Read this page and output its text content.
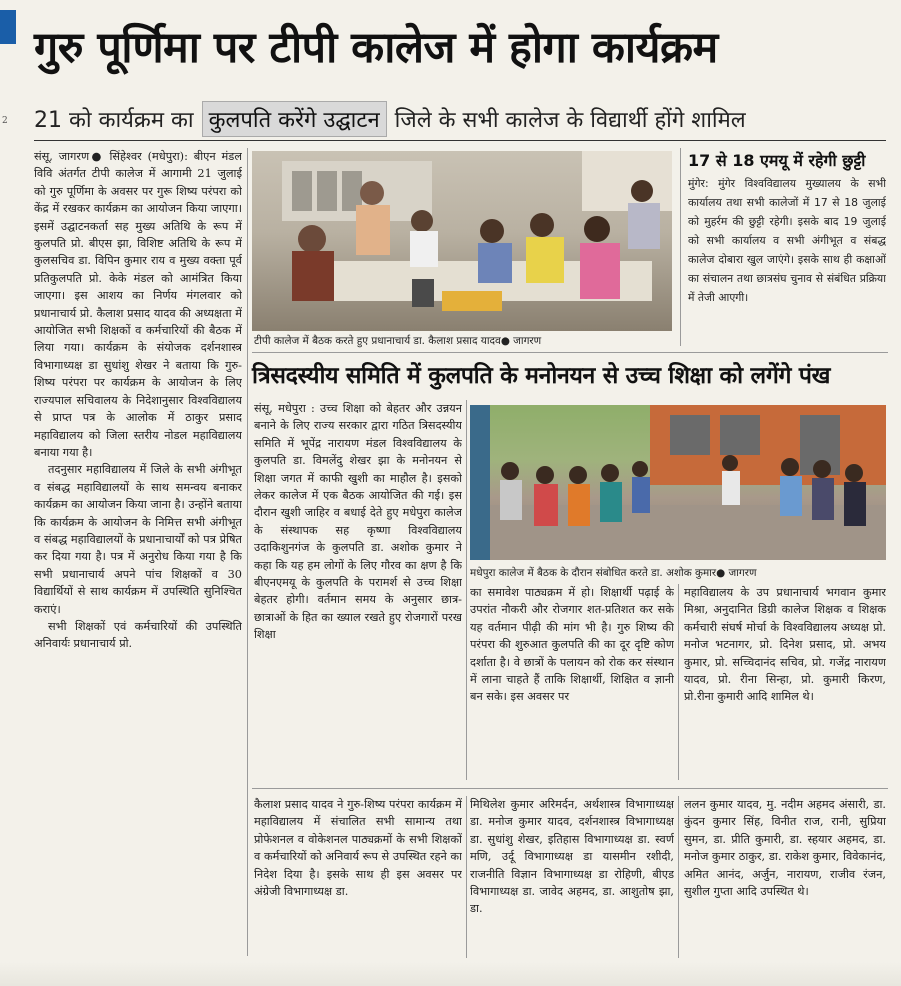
2
गुरु पूर्णिमा पर टीपी कालेज में होगा कार्यक्रम
21 को कार्यक्रम का कुलपति करेंगे उद्घाटन जिले के सभी कालेज के विद्यार्थी होंगे शामिल

संसू, जागरण● सिंहेश्वर (मधेपुरा): बीएन मंडल विवि अंतर्गत टीपी कालेज में आगामी 21 जुलाई को गुरु पूर्णिमा के अवसर पर गुरू शिष्य परंपरा को केंद्र में रखकर कार्यक्रम का आयोजन किया जाएगा। इसमें उद्घाटनकर्ता सह मुख्य अतिथि के रूप में कुलपति प्रो. बीएस झा, विशिष्ट अतिथि के रूप में कुलसचिव डा. विपिन कुमार राय व मुख्य वक्ता पूर्व प्रतिकुलपति प्रो. केके मंडल को आमंत्रित किया जाएगा। इस आशय का निर्णय मंगलवार को प्रधानाचार्य प्रो. कैलाश प्रसाद यादव की अध्यक्षता में आयोजित सभी शिक्षकों व कर्मचारियों की बैठक में लिया गया। कार्यक्रम के संयोजक दर्शनशास्त्र विभागाध्यक्ष डा सुधांशु शेखर ने बताया कि गुरु-शिष्य परंपरा पर कार्यक्रम के आयोजन के लिए राज्यपाल सचिवालय के निदेशानुसार विश्वविद्यालय से प्राप्त पत्र के आलोक में ठाकुर प्रसाद महाविद्यालय को जिला स्तरीय नोडल महाविद्यालय बनाया गया है।

तदनुसार महाविद्यालय में जिले के सभी अंगीभूत व संबद्ध महाविद्यालयों के साथ समन्वय बनाकर कार्यक्रम का आयोजन किया जाना है। उन्होंने बताया कि कार्यक्रम के आयोजन के निमित्त सभी अंगीभूत व संबद्ध महाविद्यालयों के प्रधानाचार्यों को पत्र प्रेषित कर दिया गया है। पत्र में अनुरोध किया गया है कि सभी प्रधानाचार्य अपने पांच शिक्षकों व 30 विद्यार्थियों से साथ कार्यक्रम में उपस्थिति सुनिश्चित कराएं।

सभी शिक्षकों एवं कर्मचारियों की उपस्थिति अनिवार्यः प्रधानाचार्य प्रो.

टीपी कालेज में बैठक करते हुए प्रधानाचार्य डा. कैलाश प्रसाद यादव● जागरण
17 से 18 एमयू में रहेगी छुट्टी
मुंगेर: मुंगेर विश्वविद्यालय मुख्यालय के सभी कार्यालय तथा सभी कालेजों में 17 से 18 जुलाई को मुहर्रम की छुट्टी रहेगी। इसके बाद 19 जुलाई को सभी कार्यालय व सभी अंगीभूत व संबद्ध कालेज दोबारा खुल जाएंगे। इसके साथ ही कक्षाओं का संचालन तथा छात्रसंघ चुनाव से संबंधित प्रक्रिया में तेजी आएगी।
त्रिसदस्यीय समिति में कुलपति के मनोनयन से उच्च शिक्षा को लगेंगे पंख
संसू, मधेपुरा : उच्च शिक्षा को बेहतर और उन्नयन बनाने के लिए राज्य सरकार द्वारा गठित त्रिसदस्यीय समिति में भूपेंद्र नारायण मंडल विश्वविद्यालय के कुलपति डा. विमलेंदु शेखर झा के मनोनयन से शिक्षा जगत में काफी खुशी का माहौल है। इसको लेकर कालेज में एक बैठक आयोजित की गई। इस दौरान खुशी जाहिर व बधाई देते हुए मधेपुरा कालेज के संस्थापक सह कृष्णा विश्वविद्यालय उदाकिशुनगंज के कुलपति डा. अशोक कुमार ने कहा कि यह हम लोगों के लिए गौरव का क्षण है कि बीएनएमयू के कुलपति के परामर्श से उच्च शिक्षा बेहतर होगी। वर्तमान समय के अनुसार छात्र-छात्राओं के हित का ख्याल रखते हुए रोजगारों परख शिक्षा
मधेपुरा कालेज में बैठक के दौरान संबोधित करते डा. अशोक कुमार● जागरण
का समावेश पाठ्यक्रम में हो। शिक्षार्थी पढ़ाई के उपरांत नौकरी और रोजगार शत-प्रतिशत कर सके यह वर्तमान पीढ़ी की मांग भी है। गुरु शिष्य की परंपरा की शुरुआत कुलपति की का दूर दृष्टि कोण दर्शाता है। वे छात्रों के पलायन को रोक कर संस्थान में लाना चाहते हैं ताकि शिक्षार्थी, शिक्षित व ज्ञानी बन सके। इस अवसर पर
महाविद्यालय के उप प्रधानाचार्य भगवान कुमार मिश्रा, अनुदानित डिग्री कालेज शिक्षक व शिक्षक कर्मचारी संघर्ष मोर्चा के विश्वविद्यालय अध्यक्ष प्रो. मनोज भटनागर, प्रो. दिनेश प्रसाद, प्रो. अभय कुमार, प्रो. सच्चिदानंद सचिव, प्रो. गजेंद्र नारायण यादव, प्रो. रीना सिन्हा, प्रो. कुमारी किरण, प्रो.रीना कुमारी आदि शामिल थे।
कैलाश प्रसाद यादव ने गुरु-शिष्य परंपरा कार्यक्रम में महाविद्यालय में संचालित सभी सामान्य तथा प्रोफेशनल व वोकेशनल पाठ्यक्रमों के सभी शिक्षकों व कर्मचारियों को अनिवार्य रूप से उपस्थित रहने का निदेश दिया है। इसके साथ ही इस अवसर पर अंग्रेजी विभागाध्यक्ष डा.
मिथिलेश कुमार अरिमर्दन, अर्थशास्त्र विभागाध्यक्ष डा. मनोज कुमार यादव, दर्शनशास्त्र विभागाध्यक्ष डा. सुधांशु शेखर, इतिहास विभागाध्यक्ष डा. स्वर्ण मणि, उर्दू विभागाध्यक्ष डा यासमीन रशीदी, राजनीति विज्ञान विभागाध्यक्ष डा रोहिणी, बीएड विभागाध्यक्ष डा. जावेद अहमद, डा. आशुतोष झा, डा.
ललन कुमार यादव, मु. नदीम अहमद अंसारी, डा. कुंदन कुमार सिंह, विनीत राज, रानी, सुप्रिया सुमन, डा. प्रीति कुमारी, डा. स्हयार अहमद, डा. मनोज कुमार ठाकुर, डा. राकेश कुमार, विवेकानंद, अमित आनंद, अर्जुन, नारायण, राजीव रंजन, सुशील गुप्ता आदि उपस्थित थे।
